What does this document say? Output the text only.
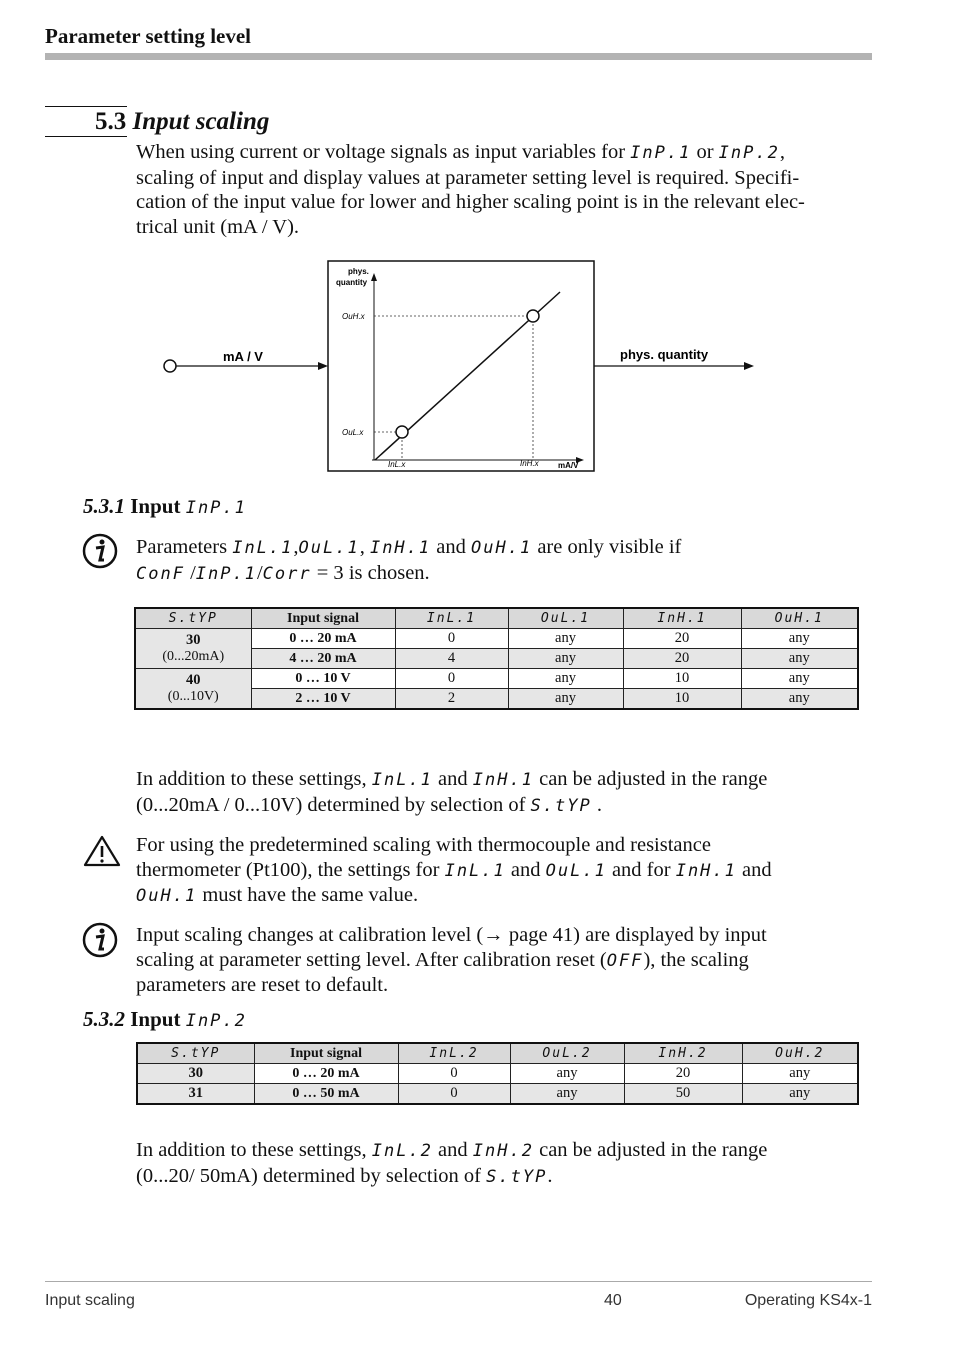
Parameter setting level
5.3 Input scaling
When using current or voltage signals as input variables for InP.1 or InP.2,
scaling of input and display values at parameter setting level is required. Specifi-
cation of the input value for lower and higher scaling point is in the relevant elec-
trical unit (mA / V).
mA / V	phys. quantity
phys.
quantity
mA/V
OuH.x
OuL.x
InL.x	InH.x
5.3.1 Input InP.1
Parameters InL.1,OuL.1, InH.1 and OuH.1 are only visible if
ConF /InP.1/Corr = 3 is chosen.
S.tYP	Input signal	InL.1	OuL.1	InH.1	OuH.1

30
(0...20mA)	0 … 20 mA	0	any	20	any
	4 … 20 mA	4	any	20	any

40
(0...10V)	0 … 10 V	0	any	10	any
	2 … 10 V	2	any	10	any
In addition to these settings, InL.1 and InH.1 can be adjusted in the range
(0...20mA / 0...10V) determined by selection of S.tYP .
For using the predetermined scaling with thermocouple and resistance
thermometer (Pt100), the settings for InL.1 and OuL.1 and for InH.1 and
OuH.1 must have the same value.
Input scaling changes at calibration level (→ page 41) are displayed by input
scaling at parameter setting level. After calibration reset (OFF), the scaling
parameters are reset to default.
5.3.2 Input InP.2
S.tYP	Input signal	InL.2	OuL.2	InH.2	OuH.2
30	0 … 20 mA	0	any	20	any
31	0 … 50 mA	0	any	50	any
In addition to these settings, InL.2 and InH.2 can be adjusted in the range
(0...20/ 50mA) determined by selection of S.tYP.
Input scaling	40	Operating KS4x-1
